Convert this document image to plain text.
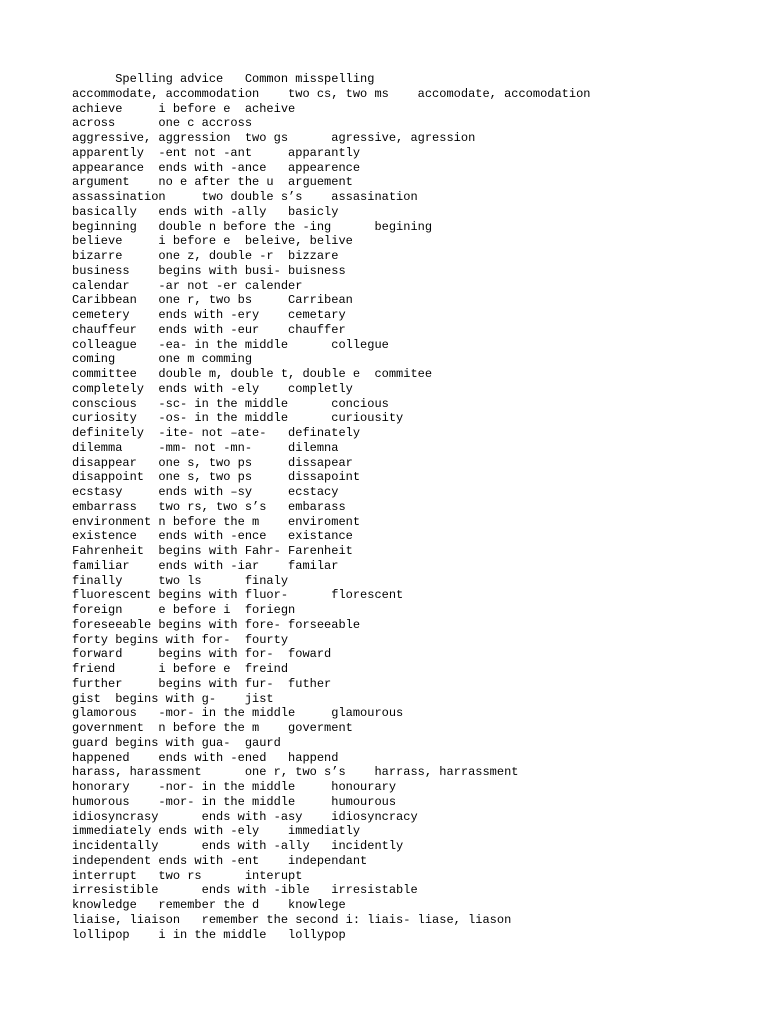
Spelling advice   Common misspelling
accommodate, accommodation    two cs, two ms    accomodate, accomodation
achieve     i before e  acheive
across      one c accross
aggressive, aggression  two gs      agressive, agression
apparently  -ent not -ant     apparantly
appearance  ends with -ance   appearence
argument    no e after the u  arguement
assassination     two double s’s    assasination
basically   ends with -ally   basicly
beginning   double n before the -ing      begining
believe     i before e  beleive, belive
bizarre     one z, double -r  bizzare
business    begins with busi- buisness
calendar    -ar not -er calender
Caribbean   one r, two bs     Carribean
cemetery    ends with -ery    cemetary
chauffeur   ends with -eur    chauffer
colleague   -ea- in the middle      collegue
coming      one m comming
committee   double m, double t, double e  commitee
completely  ends with -ely    completly
conscious   -sc- in the middle      concious
curiosity   -os- in the middle      curiousity
definitely  -ite- not –ate-   definately
dilemma     -mm- not -mn-     dilemna
disappear   one s, two ps     dissapear
disappoint  one s, two ps     dissapoint
ecstasy     ends with –sy     ecstacy
embarrass   two rs, two s’s   embarass
environment n before the m    enviroment
existence   ends with -ence   existance
Fahrenheit  begins with Fahr- Farenheit
familiar    ends with -iar    familar
finally     two ls      finaly
fluorescent begins with fluor-      florescent
foreign     e before i  foriegn
foreseeable begins with fore- forseeable
forty begins with for-  fourty
forward     begins with for-  foward
friend      i before e  freind
further     begins with fur-  futher
gist  begins with g-    jist
glamorous   -mor- in the middle     glamourous
government  n before the m    goverment
guard begins with gua-  gaurd
happened    ends with -ened   happend
harass, harassment      one r, two s’s    harrass, harrassment
honorary    -nor- in the middle     honourary
humorous    -mor- in the middle     humourous
idiosyncrasy      ends with -asy    idiosyncracy
immediately ends with -ely    immediatly
incidentally      ends with -ally   incidently
independent ends with -ent    independant
interrupt   two rs      interupt
irresistible      ends with -ible   irresistable
knowledge   remember the d    knowlege
liaise, liaison   remember the second i: liais- liase, liason
lollipop    i in the middle   lollypop
